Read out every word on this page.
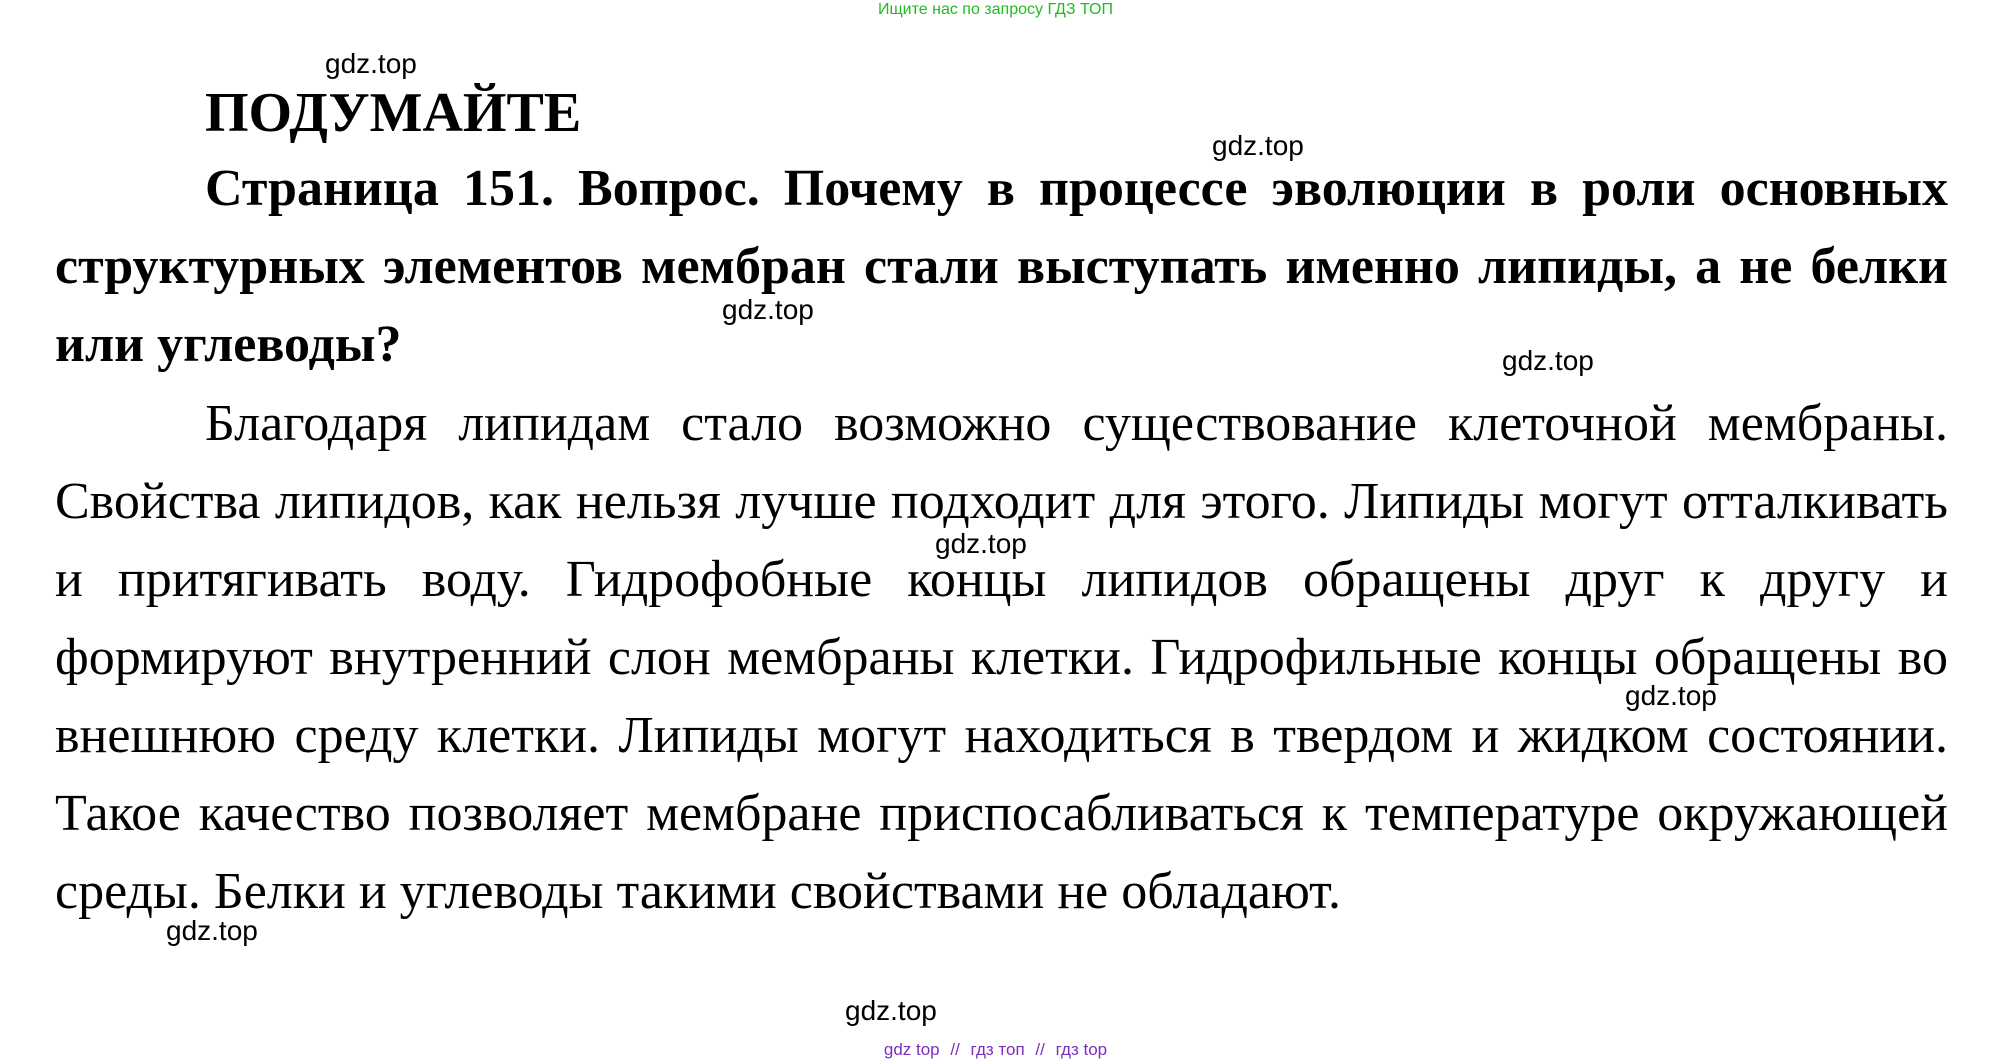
Ищите нас по запросу ГДЗ ТОП
ПОДУМАЙТЕ

Страница 151. Вопрос. Почему в процессе эволюции в роли основных структурных элементов мембран стали выступать именно липиды, а не белки или углеводы?

Благодаря липидам стало возможно существование клеточной мембраны. Свойства липидов, как нельзя лучше подходит для этого. Липиды могут отталкивать и притягивать воду. Гидрофобные концы липидов обращены друг к другу и формируют внутренний слон мембраны клетки. Гидрофильные концы обращены во внешнюю среду клетки. Липиды могут находиться в твердом и жидком состоянии. Такое качество позволяет мембране приспосабливаться к температуре окружающей среды. Белки и углеводы такими свойствами не обладают.

gdz.top
gdz.top
gdz.top
gdz.top
gdz.top
gdz.top
gdz.top
gdz.top
gdz top // гдз топ // гдз top
